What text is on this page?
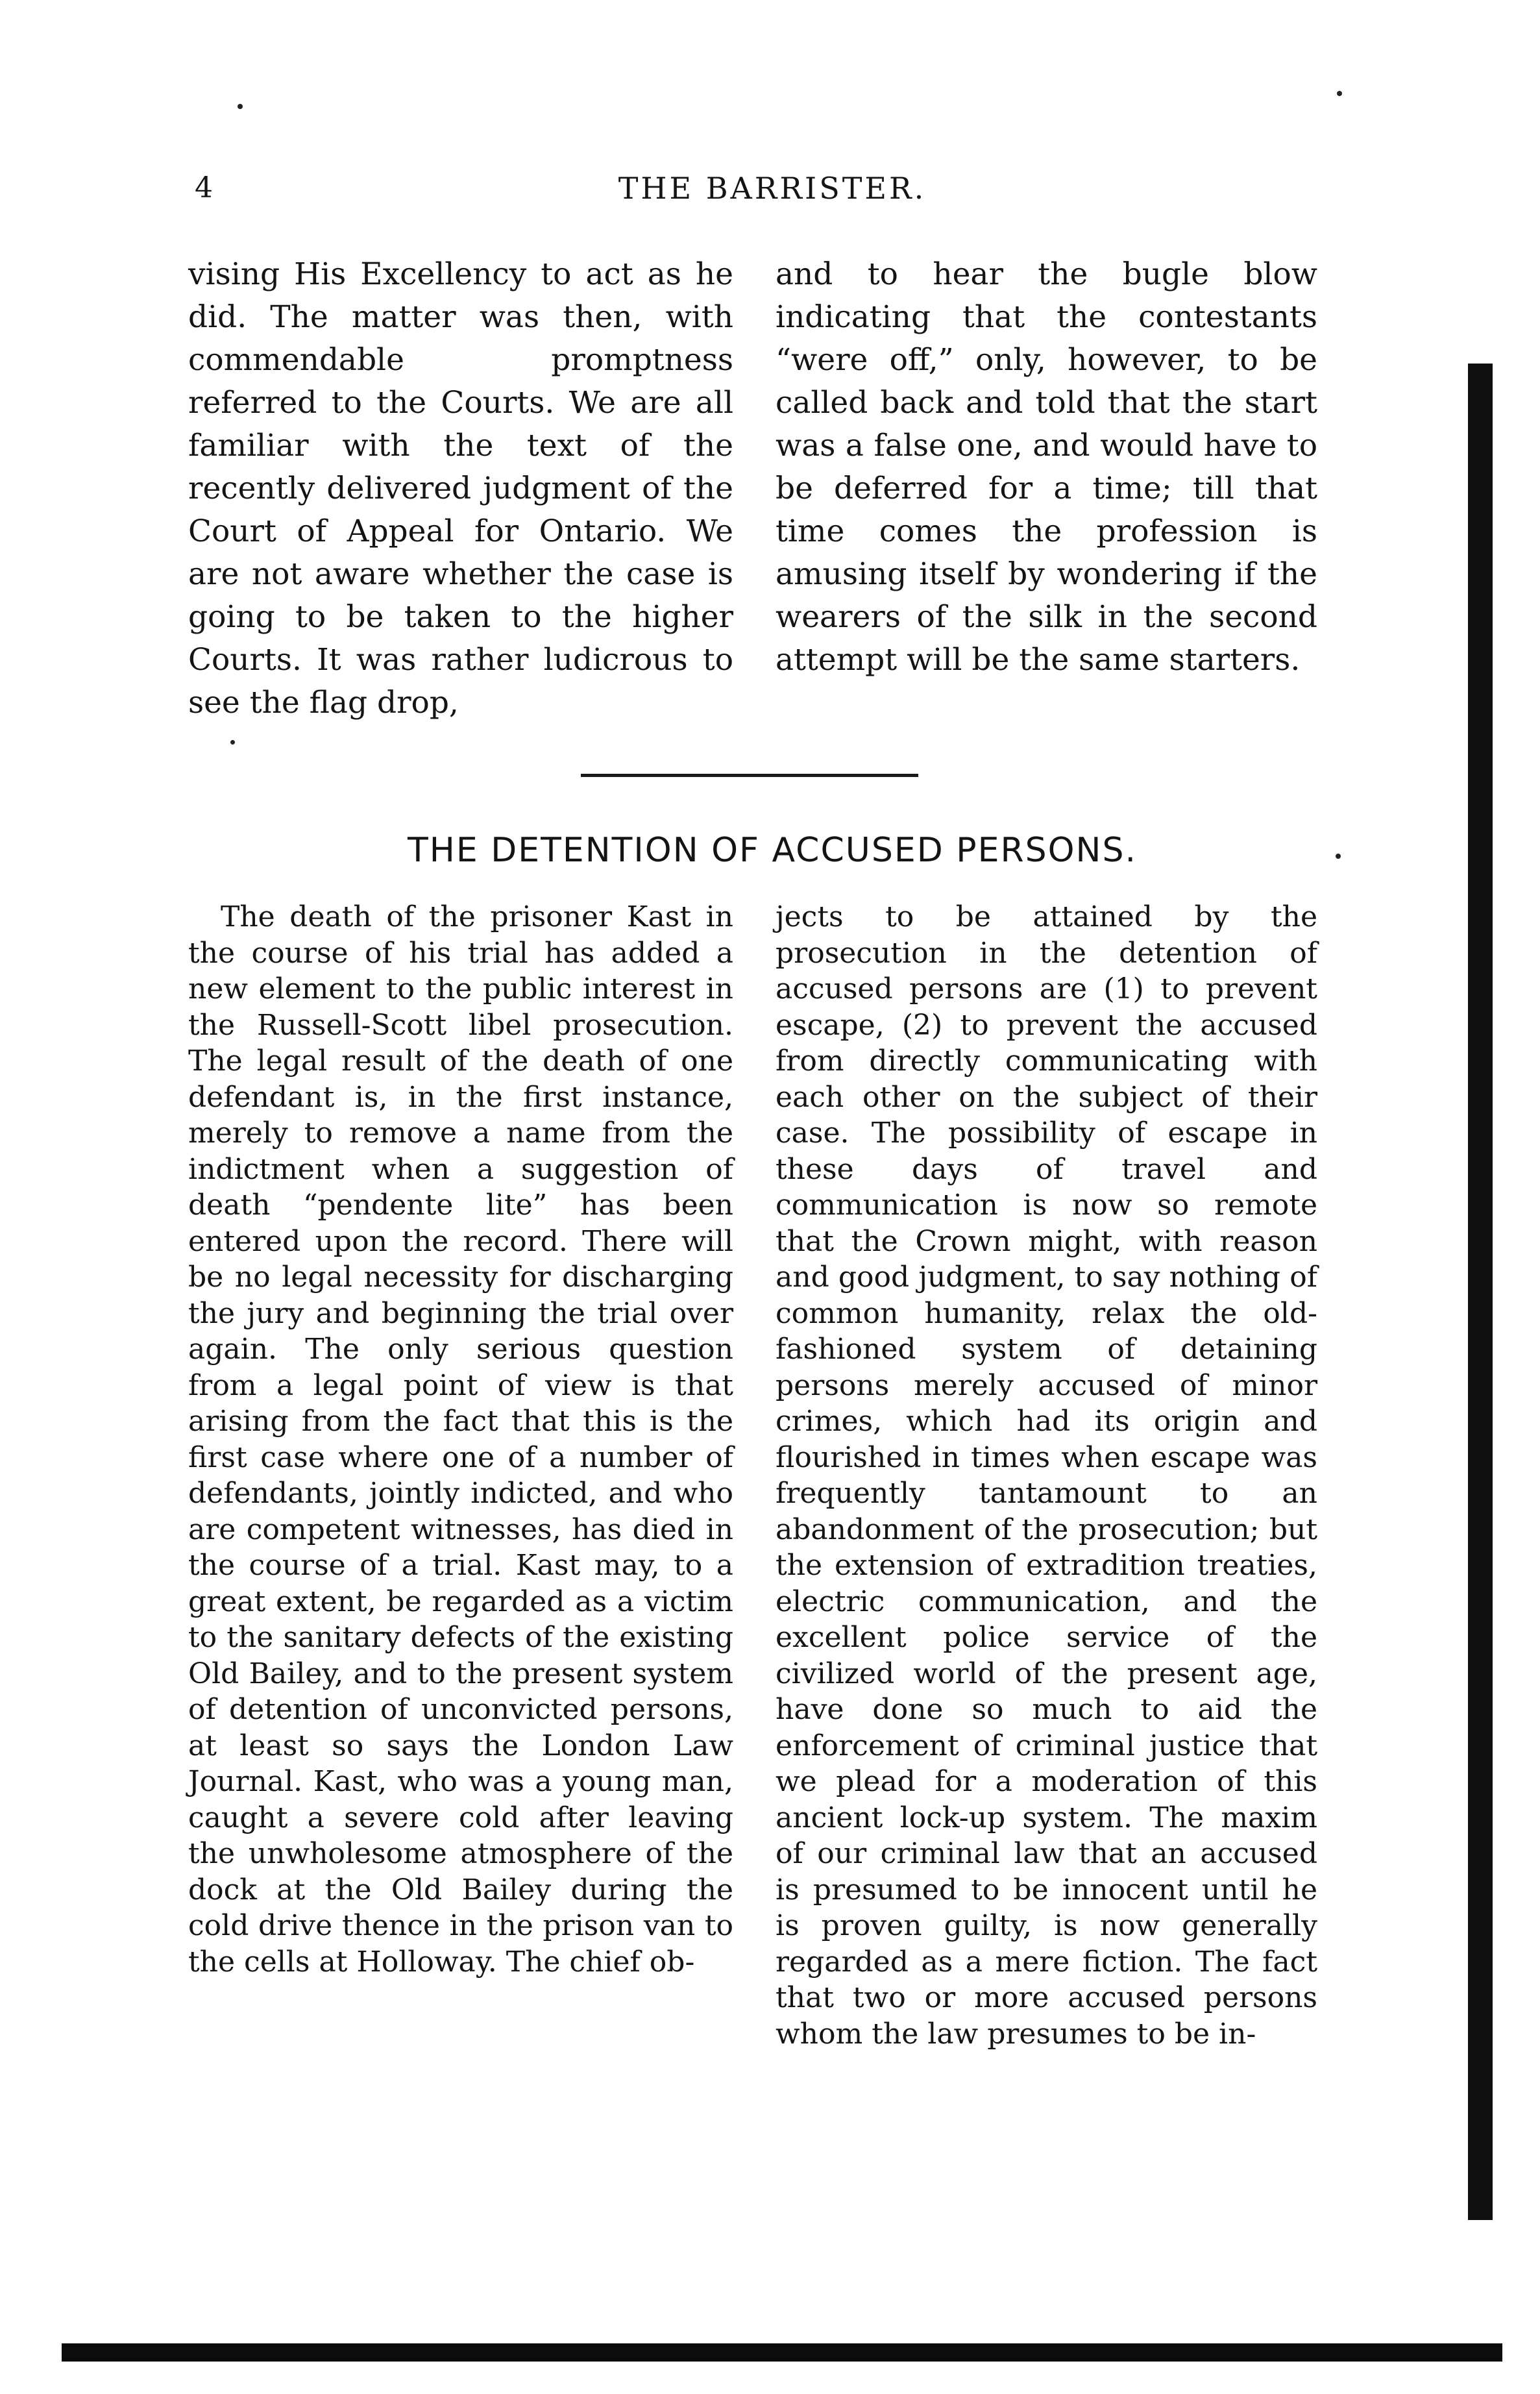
4	THE BARRISTER.

vising His Excellency to act as he did. The matter was then, with commendable promptness referred to the Courts. We are all familiar with the text of the recently delivered judgment of the Court of Appeal for Ontario. We are not aware whether the case is going to be taken to the higher Courts. It was rather ludicrous to see the flag drop,

and to hear the bugle blow indicating that the contestants “were off,” only, however, to be called back and told that the start was a false one, and would have to be deferred for a time; till that time comes the profession is amusing itself by wondering if the wearers of the silk in the second attempt will be the same starters.

THE DETENTION OF ACCUSED PERSONS.

The death of the prisoner Kast in the course of his trial has added a new element to the public interest in the Russell-Scott libel prosecution. The legal result of the death of one defendant is, in the first instance, merely to remove a name from the indictment when a suggestion of death “pendente lite” has been entered upon the record. There will be no legal necessity for discharging the jury and beginning the trial over again. The only serious question from a legal point of view is that arising from the fact that this is the first case where one of a number of defendants, jointly indicted, and who are competent witnesses, has died in the course of a trial. Kast may, to a great extent, be regarded as a victim to the sanitary defects of the existing Old Bailey, and to the present system of detention of unconvicted persons, at least so says the London Law Journal. Kast, who was a young man, caught a severe cold after leaving the unwholesome atmosphere of the dock at the Old Bailey during the cold drive thence in the prison van to the cells at Holloway. The chief ob-

jects to be attained by the prosecution in the detention of accused persons are (1) to prevent escape, (2) to prevent the accused from directly communicating with each other on the subject of their case. The possibility of escape in these days of travel and communication is now so remote that the Crown might, with reason and good judgment, to say nothing of common humanity, relax the old-fashioned system of detaining persons merely accused of minor crimes, which had its origin and flourished in times when escape was frequently tantamount to an abandonment of the prosecution; but the extension of extradition treaties, electric communication, and the excellent police service of the civilized world of the present age, have done so much to aid the enforcement of criminal justice that we plead for a moderation of this ancient lock-up system. The maxim of our criminal law that an accused is presumed to be innocent until he is proven guilty, is now generally regarded as a mere fiction. The fact that two or more accused persons whom the law presumes to be in-
